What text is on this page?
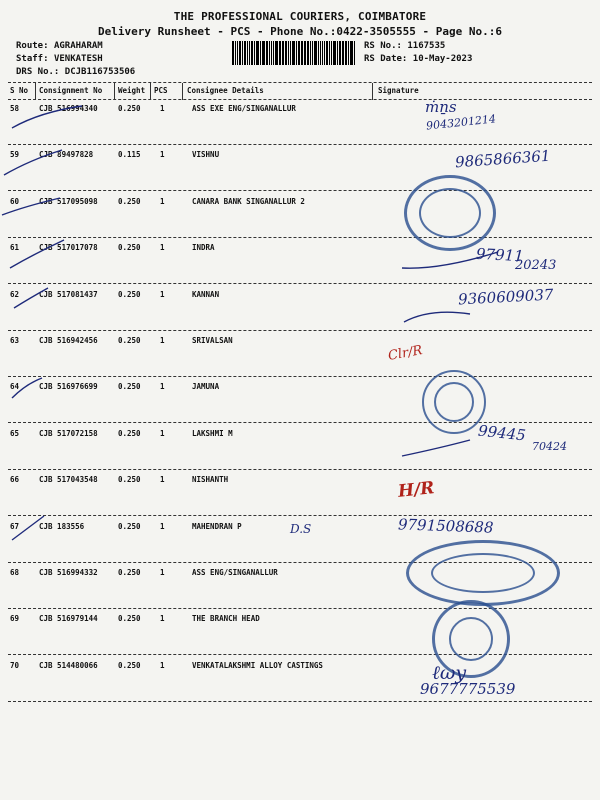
THE PROFESSIONAL COURIERS, COIMBATORE
Delivery Runsheet - PCS - Phone No.:0422-3505555 - Page No.:6
Route: AGRAHARAM
Staff: VENKATESH
DRS No.: DCJB116753506
RS No.: 1167535
RS Date: 10-May-2023
S No Consignment No Weight PCS	Consignee Details	Signature
58	CJB 516994340	0.250	1	ASS EXE ENG/SINGANALLUR
59	CJB 89497828	0.115	1	VISHNU
60	CJB 517095098	0.250	1	CANARA BANK SINGANALLUR 2
61	CJB 517017078	0.250	1	INDRA
62	CJB 517081437	0.250	1	KANNAN
63	CJB 516942456	0.250	1	SRIVALSAN
64	CJB 516976699	0.250	1	JAMUNA
65	CJB 517072158	0.250	1	LAKSHMI M
66	CJB 517043548	0.250	1	NISHANTH
67	CJB 183556	0.250	1	MAHENDRAN P
68	CJB 516994332	0.250	1	ASS ENG/SINGANALLUR
69	CJB 516979144	0.250	1	THE BRANCH HEAD
70	CJB 514480066	0.250	1	VENKATALAKSHMI ALLOY CASTINGS
ṁṉs
9043201214
9865866361
97911
20243
9360609037
Clr/R
99445
70424
H/R
D.S	9791508688
ℓωy
9677775539
